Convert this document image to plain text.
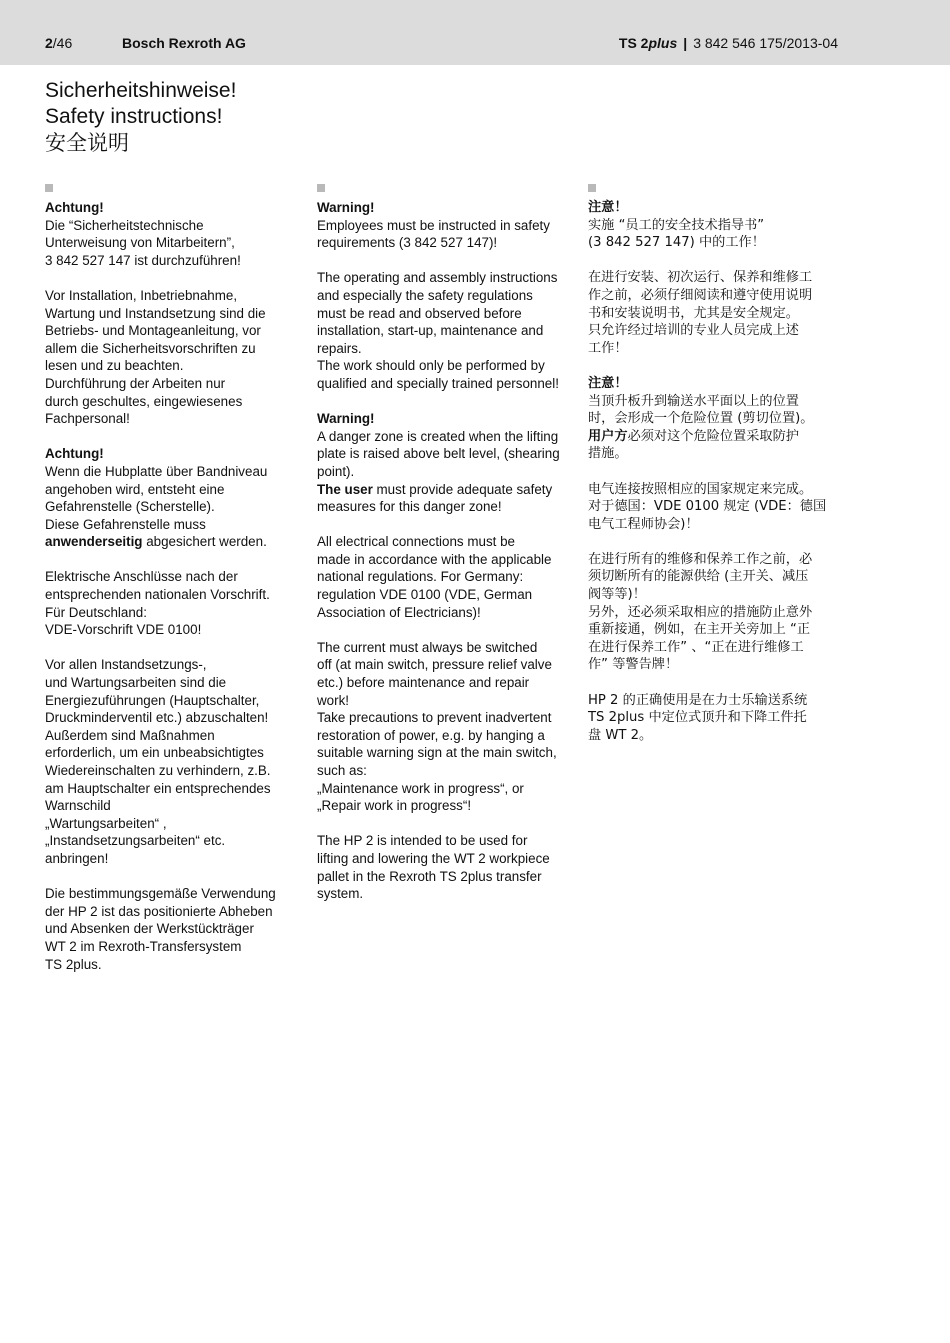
2/46	Bosch Rexroth AG	TS 2plus | 3 842 546 175/2013-04
Sicherheitshinweise!
Safety instructions!
安全说明
Achtung!
Die “Sicherheitstechnische
Unterweisung von Mitarbeitern”,
3 842 527 147 ist durchzuführen!
Vor Installation, Inbetriebnahme,
Wartung und Instandsetzung sind die
Betriebs- und Montageanleitung, vor
allem die Sicherheitsvorschriften zu
lesen und zu beachten.
Durchführung der Arbeiten nur
durch geschultes, eingewiesenes
Fachpersonal!
Achtung!
Wenn die Hubplatte über Bandniveau
angehoben wird, entsteht eine
Gefahrenstelle (Scherstelle).
Diese Gefahrenstelle muss
anwenderseitig abgesichert werden.
Elektrische Anschlüsse nach der
entsprechenden nationalen Vorschrift.
Für Deutschland:
VDE-Vorschrift VDE 0100!
Vor allen Instandsetzungs-,
und Wartungsarbeiten sind die
Energiezuführungen (Hauptschalter,
Druckminderventil etc.) abzuschalten!
Außerdem sind Maßnahmen
erforderlich, um ein unbeabsichtigtes
Wiedereinschalten zu verhindern, z.B.
am Hauptschalter ein entsprechendes
Warnschild
„Wartungsarbeiten“ ,
„Instandsetzungsarbeiten“ etc.
anbringen!
Die bestimmungsgemäße Verwendung
der HP 2 ist das positionierte Abheben
und Absenken der Werkstückträger
WT 2 im Rexroth-Transfersystem
TS 2plus.
Warning!
Employees must be instructed in safety
requirements (3 842 527 147)!
The operating and assembly instructions
and especially the safety regulations
must be read and observed before
installation, start-up, maintenance and
repairs.
The work should only be performed by
qualified and specially trained personnel!
Warning!
A danger zone is created when the lifting
plate is raised above belt level, (shearing
point).
The user must provide adequate safety
measures for this danger zone!
All electrical connections must be
made in accordance with the applicable
national regulations. For Germany:
regulation VDE 0100 (VDE, German
Association of Electricians)!
The current must always be switched
off (at main switch, pressure relief valve
etc.) before maintenance and repair
work!
Take precautions to prevent inadvertent
restoration of power, e.g. by hanging a
suitable warning sign at the main switch,
such as:
„Maintenance work in progress“, or
„Repair work in progress“!
The HP 2 is intended to be used for
lifting and lowering the WT 2 workpiece
pallet in the Rexroth TS 2plus transfer
system.
注意！
实施 “员工的安全技术指导书”
(3 842 527 147) 中的工作！
在进行安装、初次运行、保养和维修工
作之前，必须仔细阅读和遵守使用说明
书和安装说明书，尤其是安全规定。
只允许经过培训的专业人员完成上述
工作！
注意！
当顶升板升到输送水平面以上的位置
时，会形成一个危险位置 (剪切位置)。
用户方必须对这个危险位置采取防护
措施。
电气连接按照相应的国家规定来完成。
对于德国：VDE 0100 规定 (VDE：德国
电气工程师协会)！
在进行所有的维修和保养工作之前，必
须切断所有的能源供给 (主开关、减压
阀等等)！
另外，还必须采取相应的措施防止意外
重新接通，例如，在主开关旁加上 “正
在进行保养工作” 、“正在进行维修工
作” 等警告牌！
HP 2 的正确使用是在力士乐输送系统
TS 2plus 中定位式顶升和下降工件托
盘 WT 2。
